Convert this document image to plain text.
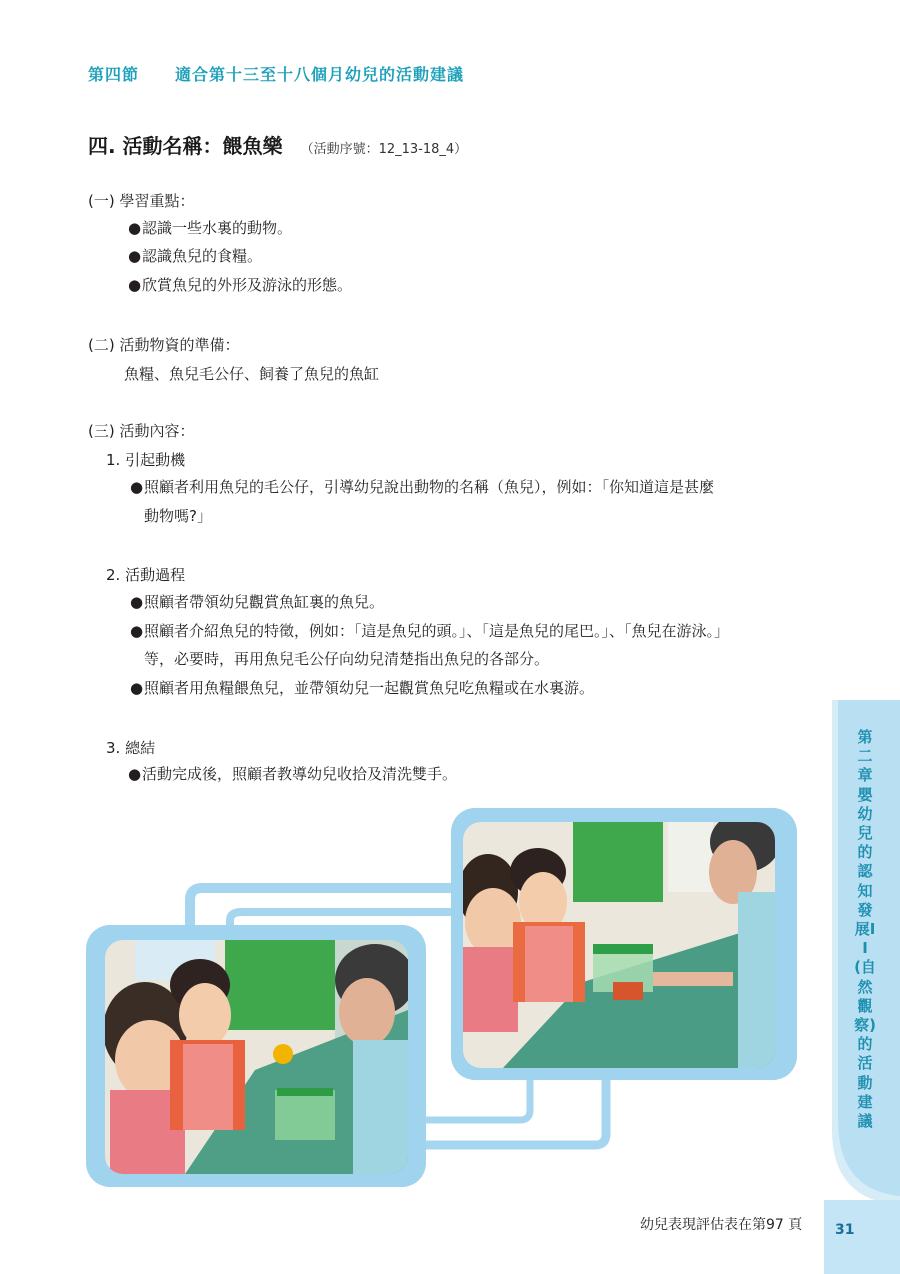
第四節 適合第十三至十八個月幼兒的活動建議
四. 活動名稱：餵魚樂 （活動序號：12_13-18_4）
(一) 學習重點：
● 認識一些水裏的動物。
● 認識魚兒的食糧。
● 欣賞魚兒的外形及游泳的形態。
(二) 活動物資的準備：
魚糧、魚兒毛公仔、飼養了魚兒的魚缸
(三) 活動內容：
1. 引起動機
● 照顧者利用魚兒的毛公仔，引導幼兒說出動物的名稱（魚兒），例如：「你知道這是甚麼
動物嗎?」
2. 活動過程
● 照顧者帶領幼兒觀賞魚缸裏的魚兒。
● 照顧者介紹魚兒的特徵，例如：「這是魚兒的頭。」、「這是魚兒的尾巴。」、「魚兒在游泳。」
等，必要時，再用魚兒毛公仔向幼兒清楚指出魚兒的各部分。
● 照顧者用魚糧餵魚兒，並帶領幼兒一起觀賞魚兒吃魚糧或在水裏游。
3. 總結
● 活動完成後，照顧者教導幼兒收拾及清洗雙手。
第二章 嬰幼兒的認知發展II(自然觀察)的活動建議
幼兒表現評估表在第97 頁 31
